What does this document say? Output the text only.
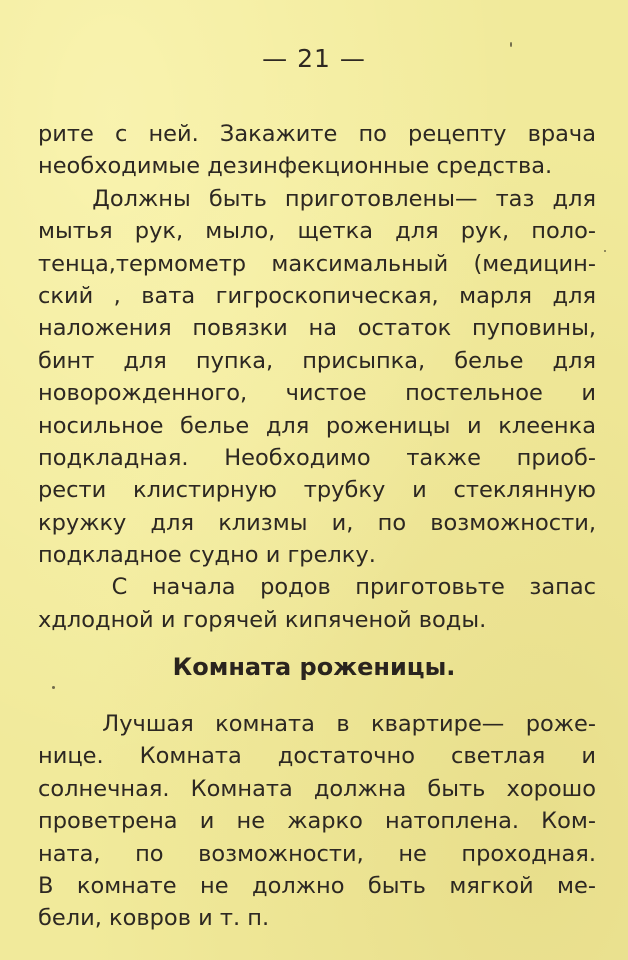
— 21 —
рите с ней. Закажите по рецепту врача
необходимые дезинфекционные средства.
Должны быть приготовлены— таз для
мытья рук, мыло, щетка для рук, поло-
тенца,термометр максимальный (медицин-
ский , вата гигроскопическая, марля для
наложения повязки на остаток пуповины,
бинт для пупка, присыпка, белье для
новорожденного, чистое постельное и
носильное белье для роженицы и клеенка
подкладная. Необходимо также приоб-
рести клистирную трубку и стеклянную
кружку для клизмы и, по возможности,
подкладное судно и грелку.
С начала родов приготовьте запас
хдлодной и горячей кипяченой воды.
Комната роженицы.
Лучшая комната в квартире— роже-
нице. Комната достаточно светлая и
солнечная. Комната должна быть хорошо
проветрена и не жарко натоплена. Ком-
ната, по возможности, не проходная.
В комнате не должно быть мягкой ме-
бели, ковров и т. п.
